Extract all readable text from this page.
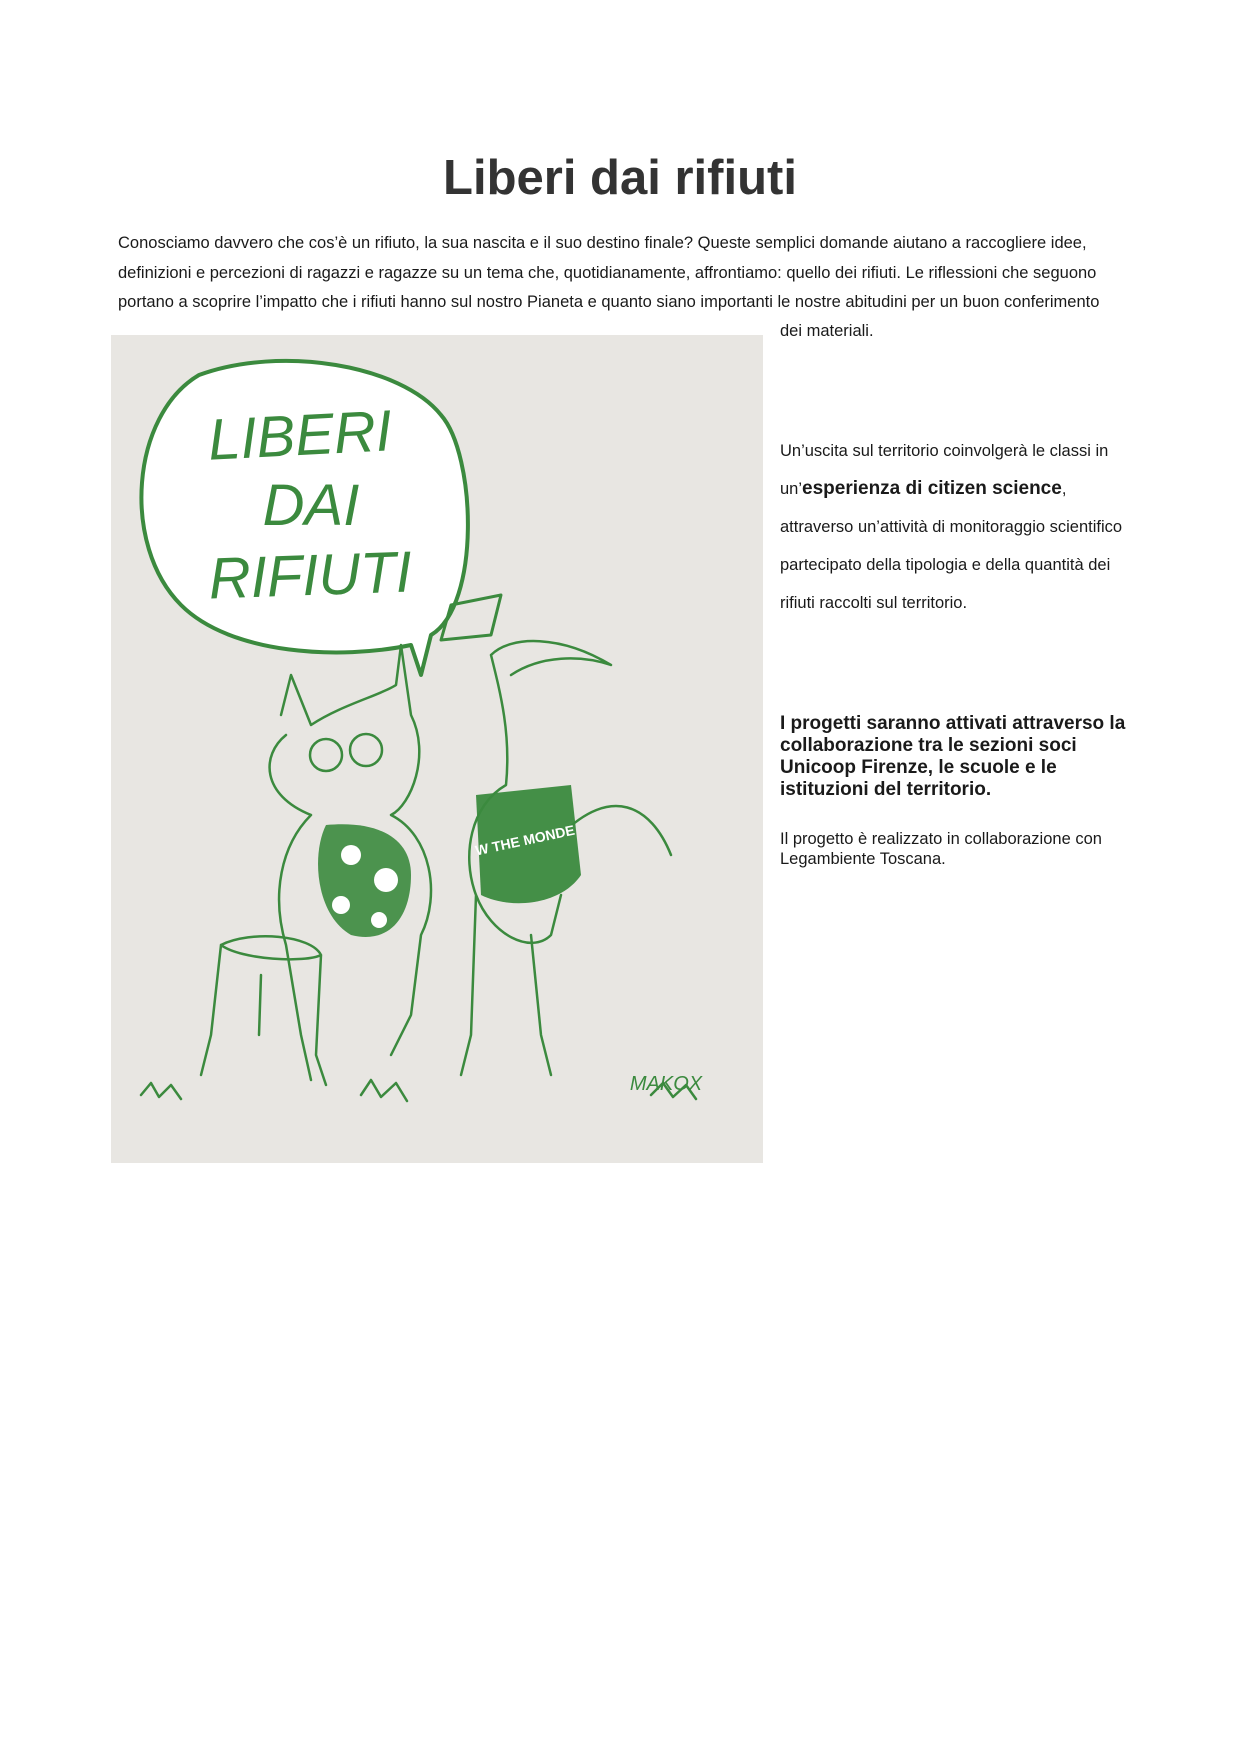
Liberi dai rifiuti

Conosciamo davvero che cos’è un rifiuto, la sua nascita e il suo destino finale? Queste semplici domande aiutano a raccogliere idee, definizioni e percezioni di ragazzi e ragazze su un tema che, quotidianamente, affrontiamo: quello dei rifiuti. Le riflessioni che seguono portano a scoprire l’impatto che i rifiuti hanno sul nostro Pianeta e quanto siano importanti le nostre abitudini per un buon conferimento

dei materiali.

LIBERI
DAI
RIFIUTI
W THE MONDE
MAKOX

Un’uscita sul territorio coinvolgerà le classi in un’esperienza di citizen science, attraverso un’attività di monitoraggio scientifico partecipato della tipologia e della quantità dei rifiuti raccolti sul territorio.

I progetti saranno attivati attraverso la collaborazione tra le sezioni soci Unicoop Firenze, le scuole e le istituzioni del territorio.

Il progetto è realizzato in collaborazione con Legambiente Toscana.
